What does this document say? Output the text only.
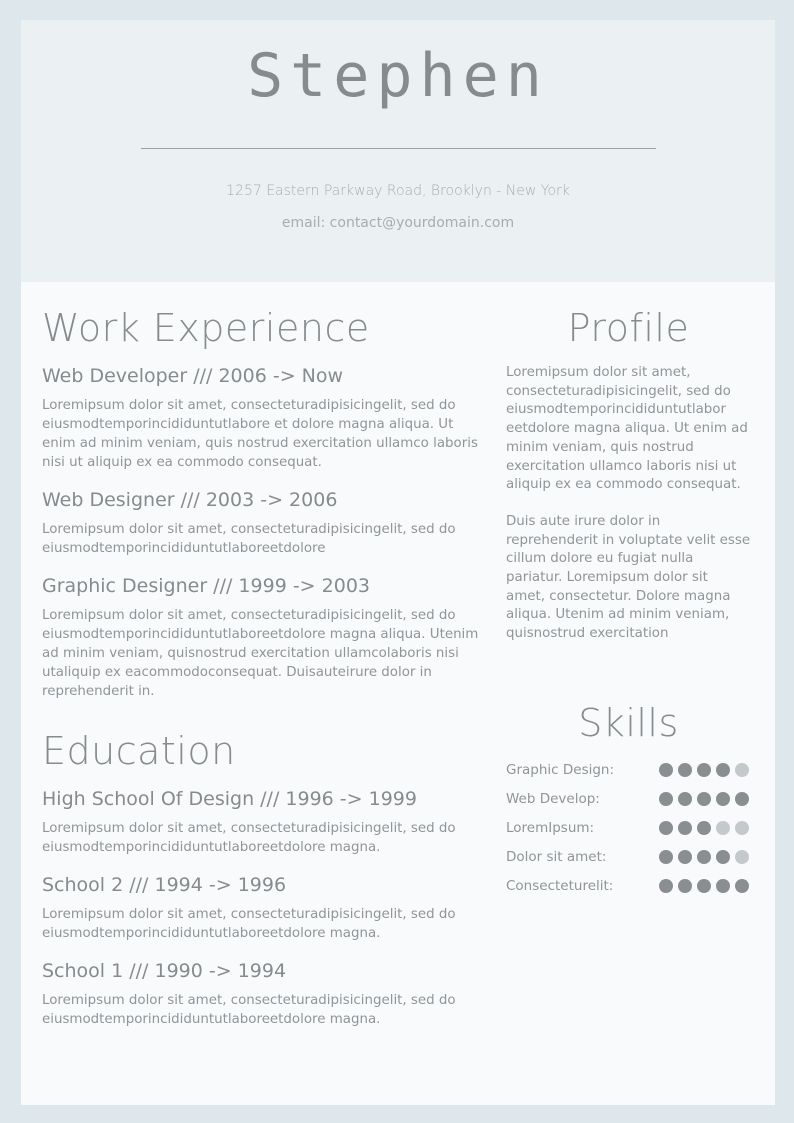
Stephen
1257 Eastern Parkway Road, Brooklyn - New York
email: contact@yourdomain.com
Work Experience
Web Developer /// 2006 -> Now
Loremipsum dolor sit amet, consecteturadipisicingelit, sed do eiusmodtemporincididuntutlabore et dolore magna aliqua. Ut enim ad minim veniam, quis nostrud exercitation ullamco laboris nisi ut aliquip ex ea commodo consequat.
Web Designer /// 2003 -> 2006
Loremipsum dolor sit amet, consecteturadipisicingelit, sed do eiusmodtemporincididuntutlaboreetdolore
Graphic Designer /// 1999 -> 2003
Loremipsum dolor sit amet, consecteturadipisicingelit, sed do eiusmodtemporincididuntutlaboreetdolore magna aliqua. Utenim ad minim veniam, quisnostrud exercitation ullamcolaboris nisi utaliquip ex eacommodoconsequat. Duisauteirure dolor in reprehenderit in.
Education
High School Of Design /// 1996 -> 1999
Loremipsum dolor sit amet, consecteturadipisicingelit, sed do eiusmodtemporincididuntutlaboreetdolore magna.
School 2 /// 1994 -> 1996
Loremipsum dolor sit amet, consecteturadipisicingelit, sed do eiusmodtemporincididuntutlaboreetdolore magna.
School 1 /// 1990 -> 1994
Loremipsum dolor sit amet, consecteturadipisicingelit, sed do eiusmodtemporincididuntutlaboreetdolore magna.
Profile

Loremipsum dolor sit amet, consecteturadipisicingelit, sed do eiusmodtemporincididuntutlabor eetdolore magna aliqua. Ut enim ad minim veniam, quis nostrud exercitation ullamco laboris nisi ut aliquip ex ea commodo consequat.

Duis aute irure dolor in reprehenderit in voluptate velit esse cillum dolore eu fugiat nulla pariatur. Loremipsum dolor sit amet, consectetur. Dolore magna aliqua. Utenim ad minim veniam, quisnostrud exercitation

Skills
Graphic Design:
Web Develop:
LoremIpsum:
Dolor sit amet:
Consecteturelit:
